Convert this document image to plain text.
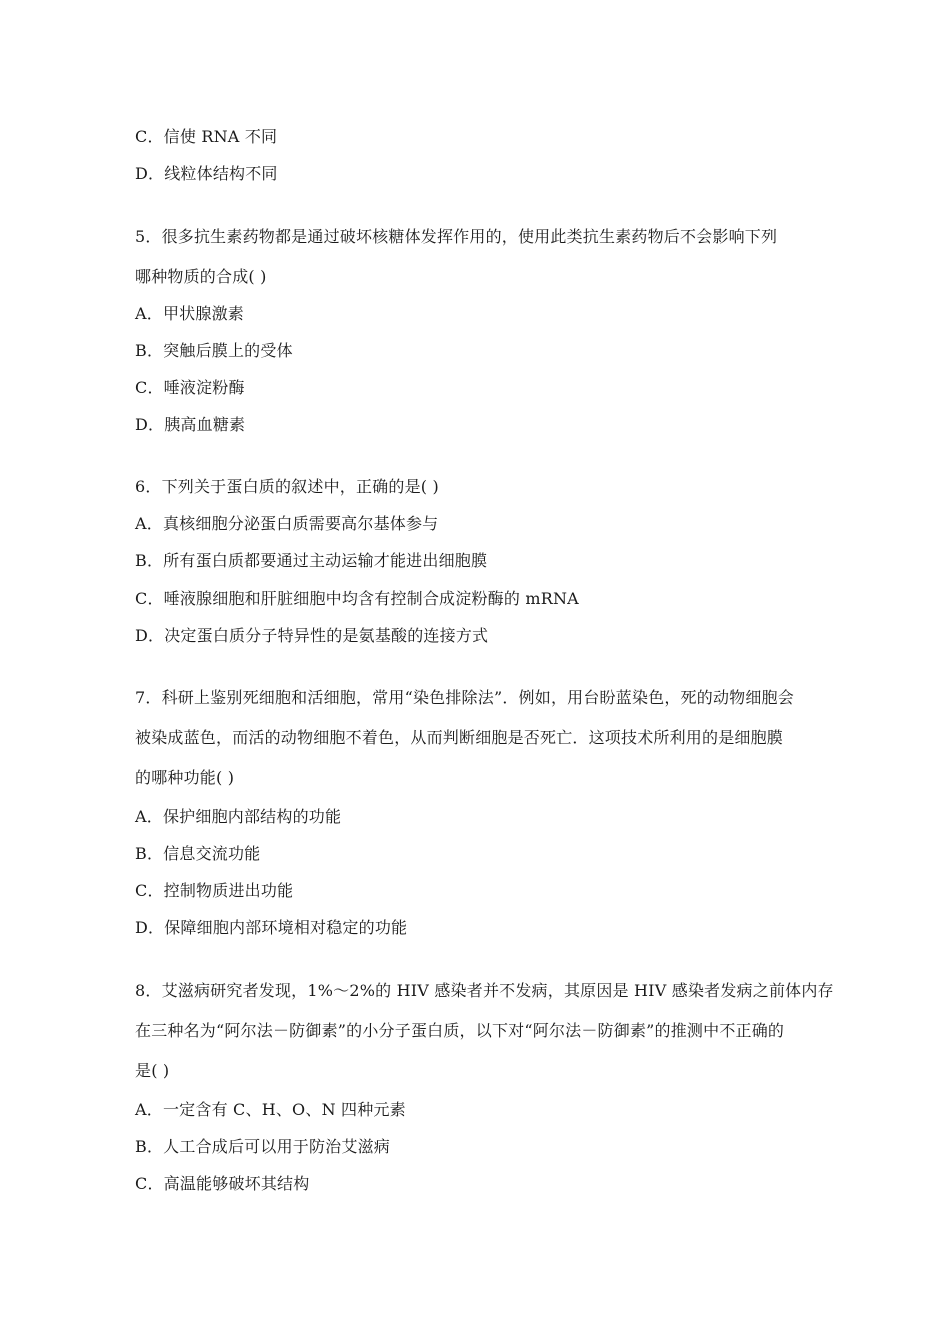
C．信使 RNA 不同
D．线粒体结构不同
5．很多抗生素药物都是通过破坏核糖体发挥作用的，使用此类抗生素药物后不会影响下列
哪种物质的合成( )
A．甲状腺激素
B．突触后膜上的受体
C．唾液淀粉酶
D．胰高血糖素
6．下列关于蛋白质的叙述中，正确的是( )
A．真核细胞分泌蛋白质需要高尔基体参与
B．所有蛋白质都要通过主动运输才能进出细胞膜
C．唾液腺细胞和肝脏细胞中均含有控制合成淀粉酶的 mRNA
D．决定蛋白质分子特异性的是氨基酸的连接方式
7．科研上鉴别死细胞和活细胞，常用“染色排除法”．例如，用台盼蓝染色，死的动物细胞会
被染成蓝色，而活的动物细胞不着色，从而判断细胞是否死亡．这项技术所利用的是细胞膜
的哪种功能( )
A．保护细胞内部结构的功能
B．信息交流功能
C．控制物质进出功能
D．保障细胞内部环境相对稳定的功能
8．艾滋病研究者发现，1%～2%的 HIV 感染者并不发病，其原因是 HIV 感染者发病之前体内存
在三种名为“阿尔法－防御素”的小分子蛋白质，以下对“阿尔法－防御素”的推测中不正确的
是( )
A．一定含有 C、H、O、N 四种元素
B．人工合成后可以用于防治艾滋病
C．高温能够破坏其结构
